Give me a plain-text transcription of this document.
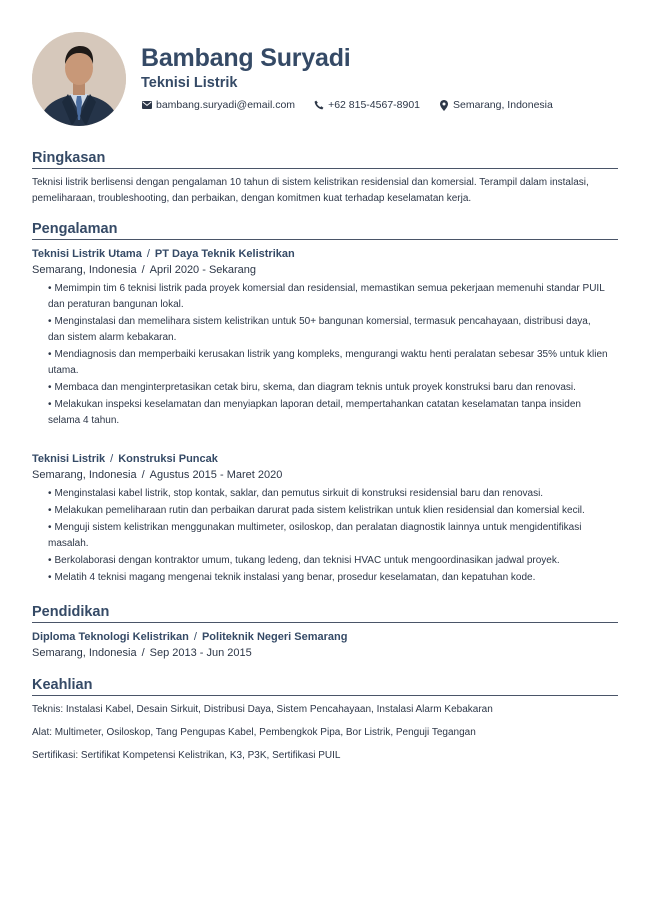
Bambang Suryadi
Teknisi Listrik
bambang.suryadi@email.com	+62 815-4567-8901	Semarang, Indonesia
Ringkasan

Teknisi listrik berlisensi dengan pengalaman 10 tahun di sistem kelistrikan residensial dan komersial. Terampil dalam instalasi, pemeliharaan, troubleshooting, dan perbaikan, dengan komitmen kuat terhadap keselamatan kerja.

Pengalaman
Teknisi Listrik Utama / PT Daya Teknik Kelistrikan
Semarang, Indonesia / April 2020 - Sekarang
• Memimpin tim 6 teknisi listrik pada proyek komersial dan residensial, memastikan semua pekerjaan memenuhi standar PUIL dan peraturan bangunan lokal.
• Menginstalasi dan memelihara sistem kelistrikan untuk 50+ bangunan komersial, termasuk pencahayaan, distribusi daya, dan sistem alarm kebakaran.
• Mendiagnosis dan memperbaiki kerusakan listrik yang kompleks, mengurangi waktu henti peralatan sebesar 35% untuk klien utama.
• Membaca dan menginterpretasikan cetak biru, skema, dan diagram teknis untuk proyek konstruksi baru dan renovasi.
• Melakukan inspeksi keselamatan dan menyiapkan laporan detail, mempertahankan catatan keselamatan tanpa insiden selama 4 tahun.
Teknisi Listrik / Konstruksi Puncak
Semarang, Indonesia / Agustus 2015 - Maret 2020
• Menginstalasi kabel listrik, stop kontak, saklar, dan pemutus sirkuit di konstruksi residensial baru dan renovasi.
• Melakukan pemeliharaan rutin dan perbaikan darurat pada sistem kelistrikan untuk klien residensial dan komersial kecil.
• Menguji sistem kelistrikan menggunakan multimeter, osiloskop, dan peralatan diagnostik lainnya untuk mengidentifikasi masalah.
• Berkolaborasi dengan kontraktor umum, tukang ledeng, dan teknisi HVAC untuk mengoordinasikan jadwal proyek.
• Melatih 4 teknisi magang mengenai teknik instalasi yang benar, prosedur keselamatan, dan kepatuhan kode.
Pendidikan
Diploma Teknologi Kelistrikan / Politeknik Negeri Semarang
Semarang, Indonesia / Sep 2013 - Jun 2015
Keahlian

Teknis: Instalasi Kabel, Desain Sirkuit, Distribusi Daya, Sistem Pencahayaan, Instalasi Alarm Kebakaran

Alat: Multimeter, Osiloskop, Tang Pengupas Kabel, Pembengkok Pipa, Bor Listrik, Penguji Tegangan

Sertifikasi: Sertifikat Kompetensi Kelistrikan, K3, P3K, Sertifikasi PUIL
